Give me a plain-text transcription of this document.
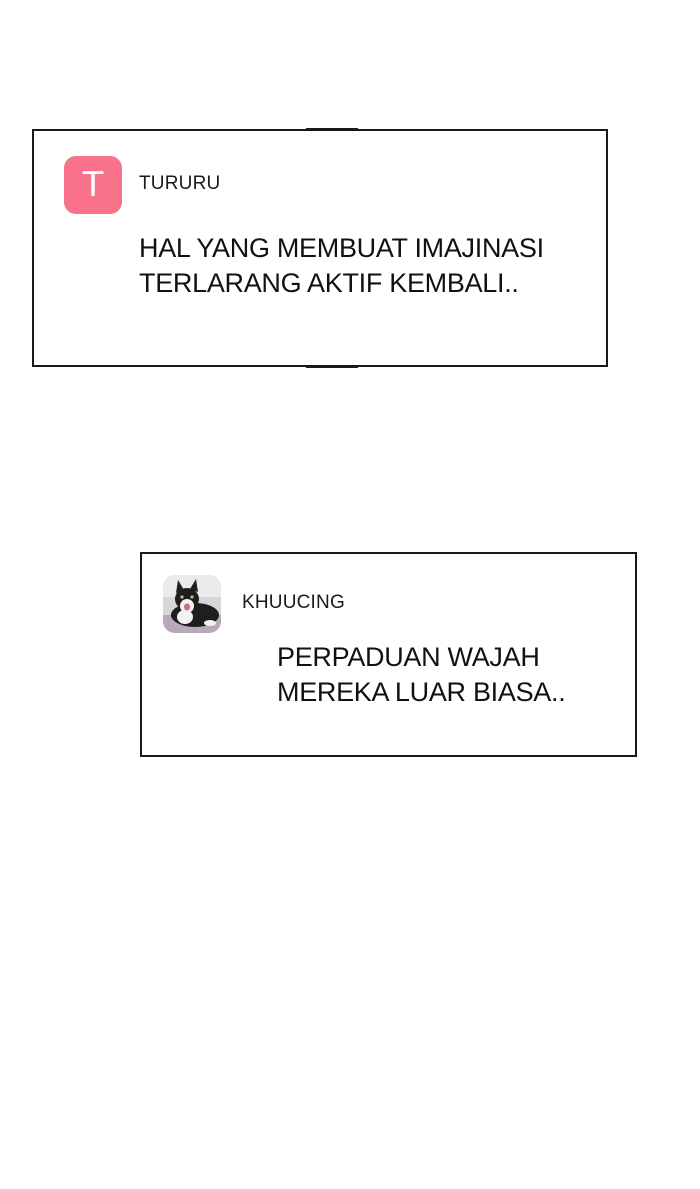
T TURURU
HAL YANG MEMBUAT IMAJINASI
TERLARANG AKTIF KEMBALI..
KHUUCING
PERPADUAN WAJAH
MEREKA LUAR BIASA..
